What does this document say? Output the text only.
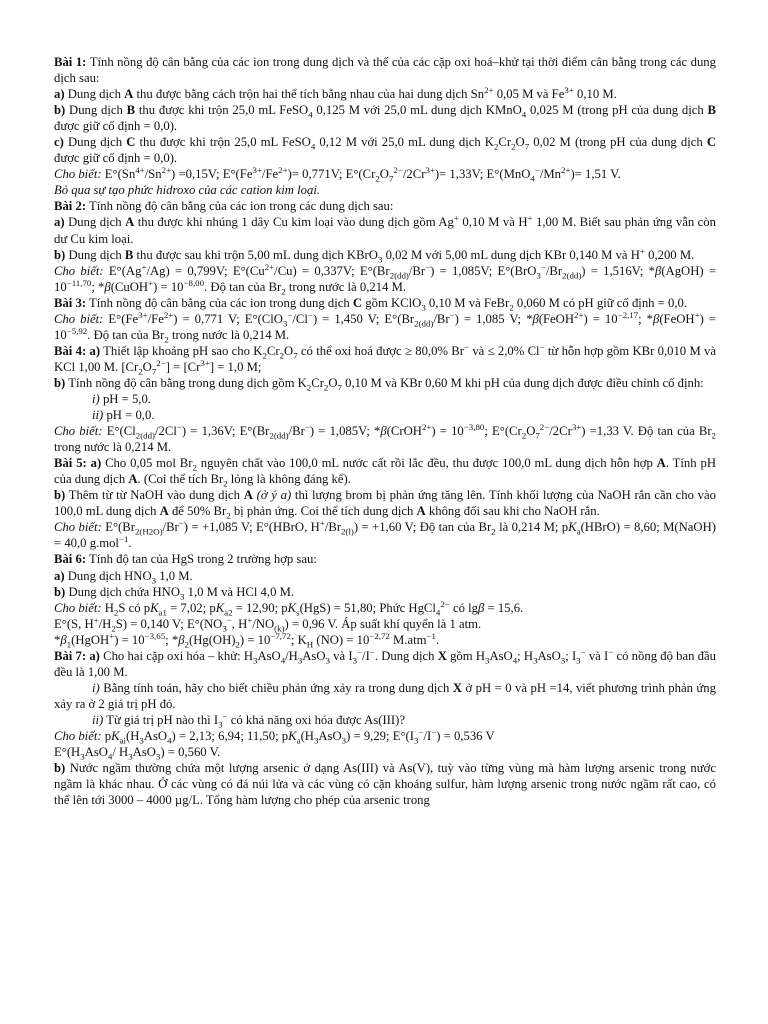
Bài 1: Tính nồng độ cân bằng của các ion trong dung dịch và thế của các cặp oxi hoá–khử tại thời điểm cân bằng trong các dung dịch sau:

a) Dung dịch A thu được bằng cách trộn hai thể tích bằng nhau của hai dung dịch $Sn^{2+}$ 0,05 M và $Fe^{3+}$ 0,10 M.

b) Dung dịch B thu được khi trộn 25,0 mL FeSO$_4$ 0,125 M với 25,0 mL dung dịch KMnO$_4$ 0,025 M (trong pH của dung dịch B được giữ cố định = 0,0).

c) Dung dịch C thu được khi trộn 25,0 mL FeSO$_4$ 0,12 M với 25,0 mL dung dịch $K_2Cr_2O_7$ 0,02 M (trong pH của dung dịch C được giữ cố định = 0,0).

Cho biết: $E^\circ(Sn^{4+}/Sn^{2+}) =0,15V$; $E^\circ(Fe^{3+}/Fe^{2+})= 0,771V$; $E^\circ(Cr_2O_7^{2-}/2Cr^{3+})= 1,33V$; $E^\circ(MnO_4^-/Mn^{2+})= 1,51$ V.

Bỏ qua sự tạo phức hidroxo của các cation kim loại.

Bài 2: Tính nồng độ cân bằng của các ion trong các dung dịch sau:

a) Dung dịch A thu được khi nhúng 1 dây Cu kim loại vào dung dịch gồm Ag+ 0,10 M và H+ 1,00 M. Biết sau phản ứng vẫn còn dư Cu kim loại.

b) Dung dịch B thu được sau khi trộn 5,00 mL dung dịch KBrO$_3$ 0,02 M với 5,00 mL dung dịch KBr 0,140 M và H+ 0,200 M.

Cho biết: E°(Ag+/Ag) = 0,799V; $E^\circ(Cu^{2+}/Cu) = 0,337V$; $E^\circ(Br_{2(dd)}/Br^-) = 1,085V$; $E^\circ(BrO_3^-/Br_{2(dd)}) = 1,516V$; *β(AgOH) = $10^{-11,70}$; *β(CuOH+) = $10^{-8,00}$. Độ tan của $Br_2$ trong nước là 0,214 M.

Bài 3: Tính nồng độ cân bằng của các ion trong dung dịch C gồm KClO$_3$ 0,10 M và FeBr$_2$ 0,060 M có pH giữ cố định = 0,0.

Cho biết: $E^\circ(Fe^{3+}/Fe^{2+}) = 0,771$ V; E°(ClO$_3$−/Cl−) = 1,450 V; $E^\circ(Br_{2(dd)}/Br^-) = 1,085$ V; *β(FeOH$^{2+}$) = $10^{-2,17}$; *β(FeOH+) = $10^{-5,92}$. Độ tan của $Br_2$ trong nước là 0,214 M.

Bài 4: a) Thiết lập khoảng pH sao cho $K_2Cr_2O_7$ có thể oxi hoá được ≥ 80,0% Br− và ≤ 2,0% Cl− từ hỗn hợp gồm KBr 0,010 M và KCl 1,00 M. $[Cr_2O_7^{2-}] = [Cr^{3+}] = 1,0$ M;

b) Tính nồng độ cân bằng trong dung dịch gồm $K_2Cr_2O_7$ 0,10 M và KBr 0,60 M khi pH của dung dịch được điều chỉnh cố định:

i) pH = 5,0.

ii) pH = 0,0.

Cho biết: $E^\circ(Cl_{2(dd)}/2Cl^-) = 1,36V$; $E^\circ(Br_{2(dd)}/Br^-) = 1,085V$; *β(CrOH$^{2+}$) = $10^{-3,80}$; $E^\circ(Cr_2O_7^{2-}/2Cr^{3+}) =1,33$ V. Độ tan của $Br_2$ trong nước là 0,214 M.

Bài 5: a) Cho 0,05 mol $Br_2$ nguyên chất vào 100,0 mL nước cất rồi lắc đều, thu được 100,0 mL dung dịch hỗn hợp A. Tính pH của dung dịch A. (Coi thể tích $Br_2$ lỏng là không đáng kể).

b) Thêm từ từ NaOH vào dung dịch A (ở ý a) thì lượng brom bị phản ứng tăng lên. Tính khối lượng của NaOH rắn cần cho vào 100,0 mL dung dịch A để 50% $Br_2$ bị phản ứng. Coi thể tích dung dịch A không đổi sau khi cho NaOH rắn.

Cho biết: $E^\circ(Br_{2(H2O)}/Br^-) = +1,085$ V; E°(HBrO, $H^+/Br_{2(l)}) = +1,60$ V; Độ tan của $Br_2$ là 0,214 M; $pK_a(HBrO) = 8,60$; M(NaOH) = 40,0 g.mol$^{-1}$.

Bài 6: Tính độ tan của HgS trong 2 trường hợp sau:

a) Dung dịch $HNO_3$ 1,0 M.

b) Dung dịch chứa $HNO_3$ 1,0 M và HCl 4,0 M.

Cho biết: $H_2S$ có $pK_{a1} = 7,02$; $pK_{a2} = 12,90$; $pK_s(HgS) = 51,80$; Phức HgCl$_4^{2-}$ có lgβ = 15,6.

E°(S, $H^+/H_2S) = 0,140$ V; $E^\circ(NO_3^-$, $H^+/NO_{(k)}) = 0,96$ V. Áp suất khí quyển là 1 atm.

$*\beta_1(HgOH^+) = 10^{-3,65}$; $*\beta_2(Hg(OH)_2) = 10^{-7,72}$; $K_H$ $(NO) = 10^{-2,72}$ M.atm$^{-1}$.

Bài 7: a) Cho hai cặp oxi hóa – khử: $H_3AsO_4/H_3AsO_3$ và $I_3^-/I^-$. Dung dịch X gồm $H_3AsO_4$; $H_3AsO_3$; $I_3^-$ và I− có nồng độ ban đầu đều là 1,00 M.

i) Bằng tính toán, hãy cho biết chiều phản ứng xảy ra trong dung dịch X ở pH = 0 và pH =14, viết phương trình phản ứng xảy ra ở 2 giá trị pH đó.

ii) Từ giá trị pH nào thì $I_3^-$ có khả năng oxi hóa được As(III)?

Cho biết: $pK_{ai}(H_3AsO_4) = 2,13$; 6,94; 11,50; $pK_a(H_3AsO_3) = 9,29$; $E^\circ(I_3^-/I^-) = 0,536$ V

$E^\circ(H_3AsO_4/$ $H_3AsO_3) = 0,560$ V.

b) Nước ngầm thường chứa một lượng arsenic ở dạng As(III) và As(V), tuỳ vào từng vùng mà hàm lượng arsenic trong nước ngầm là khác nhau. Ở các vùng có đá núi lửa và các vùng có cặn khoáng sulfur, hàm lượng arsenic trong nước ngầm rất cao, có thể lên tới 3000 – 4000 µg/L. Tổng hàm lượng cho phép của arsenic trong
